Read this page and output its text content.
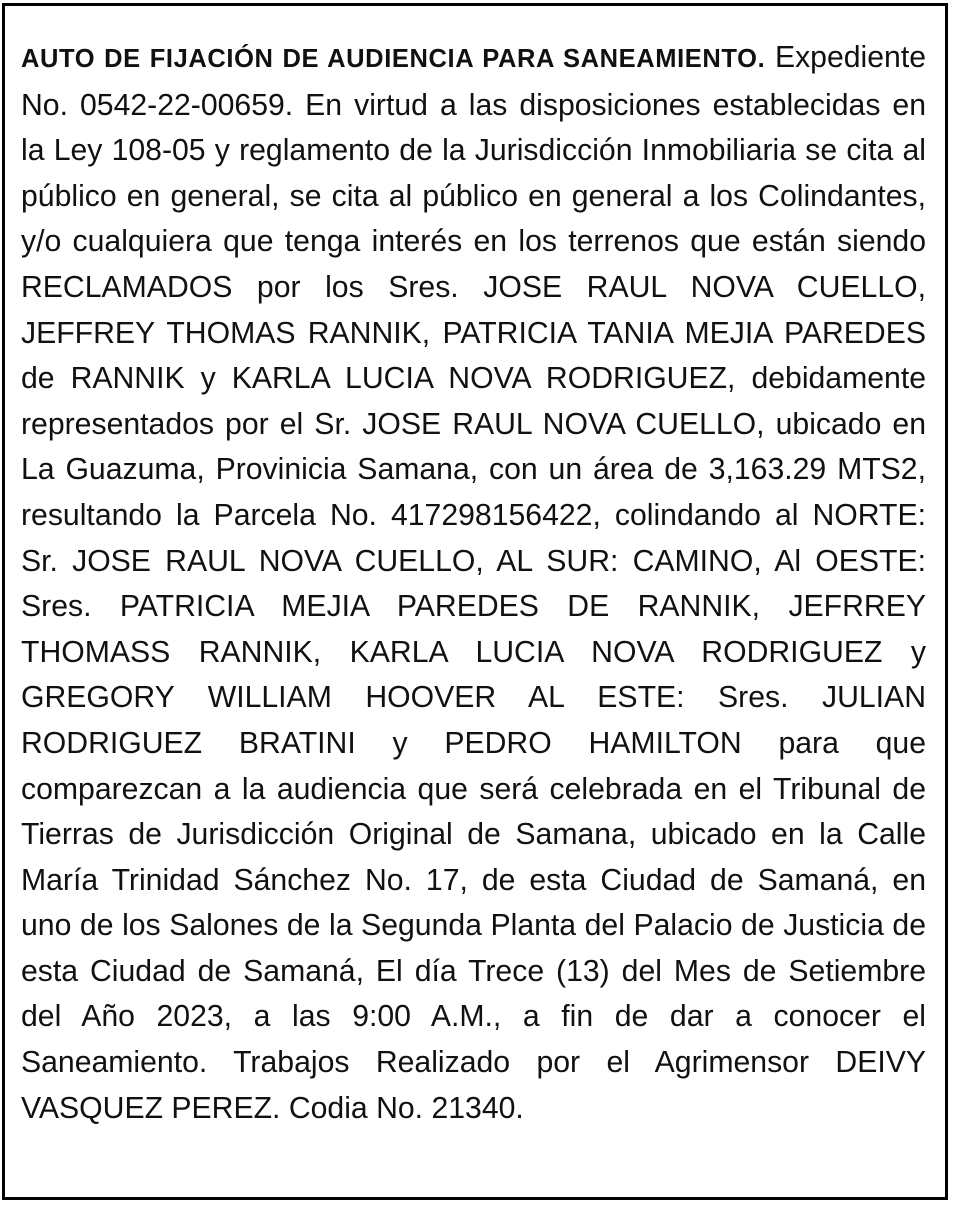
AUTO DE FIJACIÓN DE AUDIENCIA PARA SANEAMIENTO. Expediente No. 0542-22-00659. En virtud a las disposiciones establecidas en la Ley 108-05 y reglamento de la Jurisdicción Inmobiliaria se cita al público en general, se cita al público en general a los Colindantes, y/o cualquiera que tenga interés en los terrenos que están siendo RECLAMADOS por los Sres. JOSE RAUL NOVA CUELLO, JEFFREY THOMAS RANNIK, PATRICIA TANIA MEJIA PAREDES de RANNIK y KARLA LUCIA NOVA RODRIGUEZ, debidamente representados por el Sr. JOSE RAUL NOVA CUELLO, ubicado en La Guazuma, Provinicia Samana, con un área de 3,163.29 MTS2, resultando la Parcela No. 417298156422, colindando al NORTE: Sr. JOSE RAUL NOVA CUELLO, AL SUR: CAMINO, Al OESTE: Sres. PATRICIA MEJIA PAREDES DE RANNIK, JEFRREY THOMASS RANNIK, KARLA LUCIA NOVA RODRIGUEZ y GREGORY WILLIAM HOOVER AL ESTE: Sres. JULIAN RODRIGUEZ BRATINI y PEDRO HAMILTON para que comparezcan a la audiencia que será celebrada en el Tribunal de Tierras de Jurisdicción Original de Samana, ubicado en la Calle María Trinidad Sánchez No. 17, de esta Ciudad de Samaná, en uno de los Salones de la Segunda Planta del Palacio de Justicia de esta Ciudad de Samaná, El día Trece (13) del Mes de Setiembre del Año 2023, a las 9:00 A.M., a fin de dar a conocer el Saneamiento. Trabajos Realizado por el Agrimensor DEIVY VASQUEZ PEREZ. Codia No. 21340.
